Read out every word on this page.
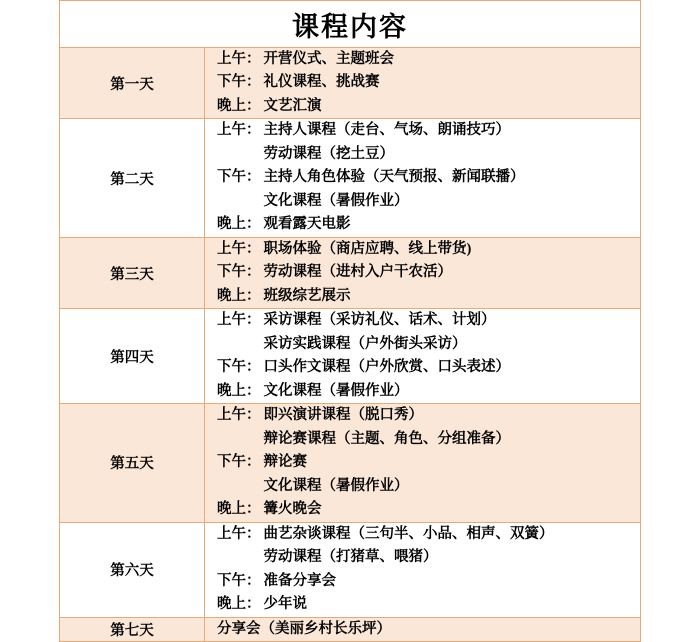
课程内容	
第一天	
上午： 开营仪式、主题班会
下午： 礼仪课程、挑战赛
晚上： 文艺汇演

第二天	
上午： 主持人课程（走台、气场、朗诵技巧）
劳动课程（挖土豆）
下午： 主持人角色体验（天气预报、新闻联播）
文化课程（暑假作业）
晚上： 观看露天电影

第三天	
上午： 职场体验（商店应聘、线上带货)
下午： 劳动课程（进村入户干农活）
晚上： 班级综艺展示

第四天	
上午： 采访课程（采访礼仪、话术、计划）
采访实践课程（户外街头采访）
下午： 口头作文课程（户外欣赏、口头表述）
晚上： 文化课程（暑假作业）

第五天	
上午： 即兴演讲课程（脱口秀）
辩论赛课程（主题、角色、分组准备）
下午： 辩论赛
文化课程（暑假作业）
晚上： 篝火晚会

第六天	
上午： 曲艺杂谈课程（三句半、小品、相声、双簧）
劳动课程（打猪草、喂猪）
下午： 准备分享会
晚上： 少年说

第七天	分享会（美丽乡村长乐坪）
